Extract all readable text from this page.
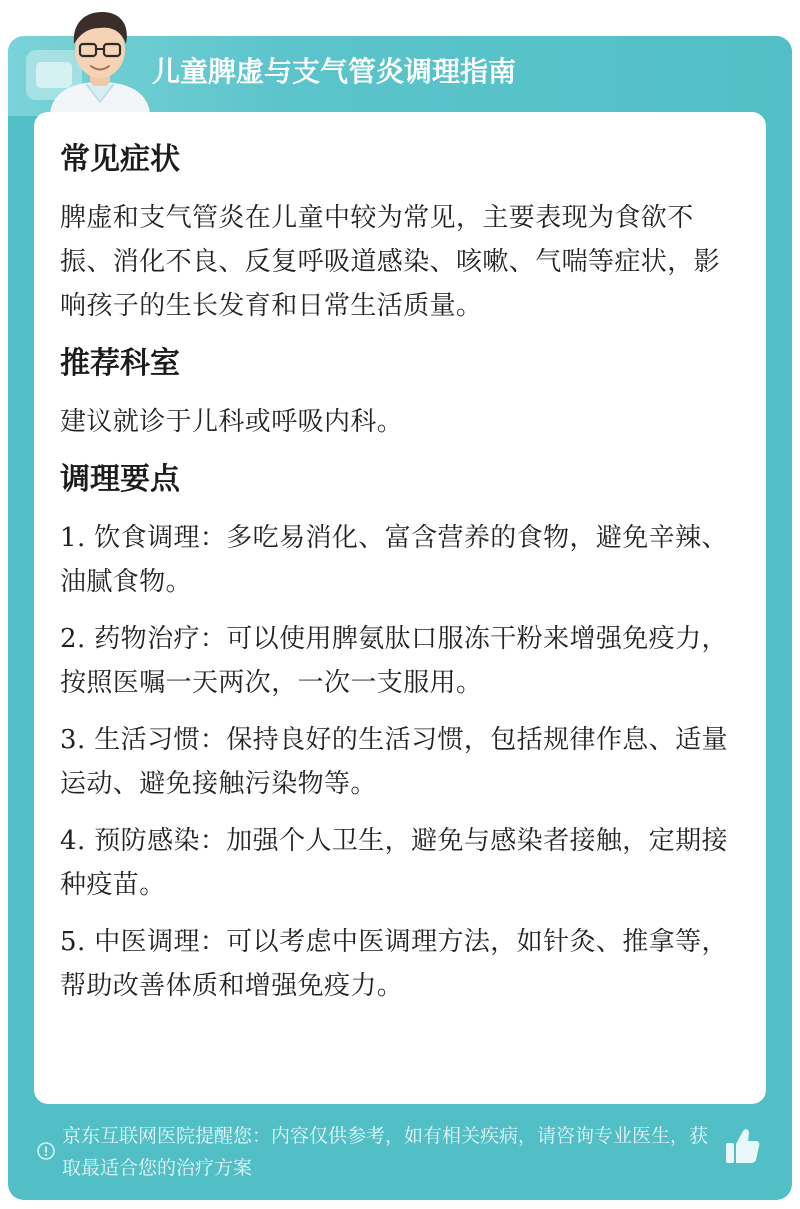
儿童脾虚与支气管炎调理指南
常见症状
脾虚和支气管炎在儿童中较为常见，主要表现为食欲不振、消化不良、反复呼吸道感染、咳嗽、气喘等症状，影响孩子的生长发育和日常生活质量。
推荐科室
建议就诊于儿科或呼吸内科。
调理要点
1. 饮食调理：多吃易消化、富含营养的食物，避免辛辣、油腻食物。
2. 药物治疗：可以使用脾氨肽口服冻干粉来增强免疫力，按照医嘱一天两次，一次一支服用。
3. 生活习惯：保持良好的生活习惯，包括规律作息、适量运动、避免接触污染物等。
4. 预防感染：加强个人卫生，避免与感染者接触，定期接种疫苗。
5. 中医调理：可以考虑中医调理方法，如针灸、推拿等，帮助改善体质和增强免疫力。
京东互联网医院提醒您：内容仅供参考，如有相关疾病，请咨询专业医生，获取最适合您的治疗方案
